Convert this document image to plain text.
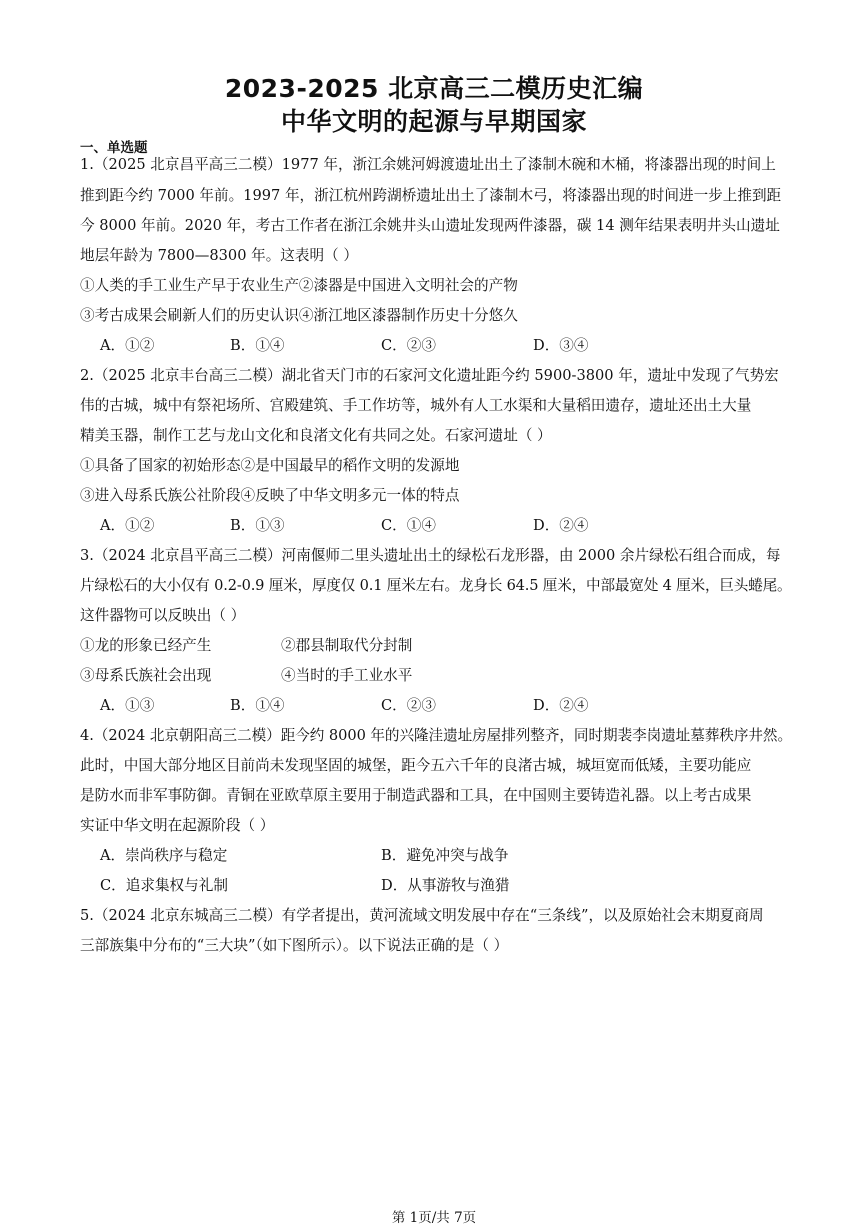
2023-2025 北京高三二模历史汇编
中华文明的起源与早期国家
一、单选题
1.（2025 北京昌平高三二模）1977 年，浙江余姚河姆渡遗址出土了漆制木碗和木桶，将漆器出现的时间上
推到距今约 7000 年前。1997 年，浙江杭州跨湖桥遗址出土了漆制木弓，将漆器出现的时间进一步上推到距
今 8000 年前。2020 年，考古工作者在浙江余姚井头山遗址发现两件漆器，碳 14 测年结果表明井头山遗址
地层年龄为 7800—8300 年。这表明（ ）
①人类的手工业生产早于农业生产②漆器是中国进入文明社会的产物
③考古成果会刷新人们的历史认识④浙江地区漆器制作历史十分悠久
A．①②	B．①④	C．②③	D．③④
2.（2025 北京丰台高三二模）湖北省天门市的石家河文化遗址距今约 5900-3800 年，遗址中发现了气势宏
伟的古城，城中有祭祀场所、宫殿建筑、手工作坊等，城外有人工水渠和大量稻田遗存，遗址还出土大量
精美玉器，制作工艺与龙山文化和良渚文化有共同之处。石家河遗址（ ）
①具备了国家的初始形态②是中国最早的稻作文明的发源地
③进入母系氏族公社阶段④反映了中华文明多元一体的特点
A．①②	B．①③	C．①④	D．②④
3.（2024 北京昌平高三二模）河南偃师二里头遗址出土的绿松石龙形器，由 2000 余片绿松石组合而成，每
片绿松石的大小仅有 0.2-0.9 厘米，厚度仅 0.1 厘米左右。龙身长 64.5 厘米，中部最宽处 4 厘米，巨头蜷尾。
这件器物可以反映出（ ）
①龙的形象已经产生	②郡县制取代分封制
③母系氏族社会出现	④当时的手工业水平
A．①③	B．①④	C．②③	D．②④
4.（2024 北京朝阳高三二模）距今约 8000 年的兴隆洼遗址房屋排列整齐，同时期裴李岗遗址墓葬秩序井然。
此时，中国大部分地区目前尚未发现坚固的城堡，距今五六千年的良渚古城，城垣宽而低矮，主要功能应
是防水而非军事防御。青铜在亚欧草原主要用于制造武器和工具，在中国则主要铸造礼器。以上考古成果
实证中华文明在起源阶段（ ）
A．崇尚秩序与稳定	B．避免冲突与战争
C．追求集权与礼制	D．从事游牧与渔猎
5.（2024 北京东城高三二模）有学者提出，黄河流域文明发展中存在“三条线”，以及原始社会末期夏商周
三部族集中分布的“三大块”（如下图所示）。以下说法正确的是（ ）
第 1页/共 7页
